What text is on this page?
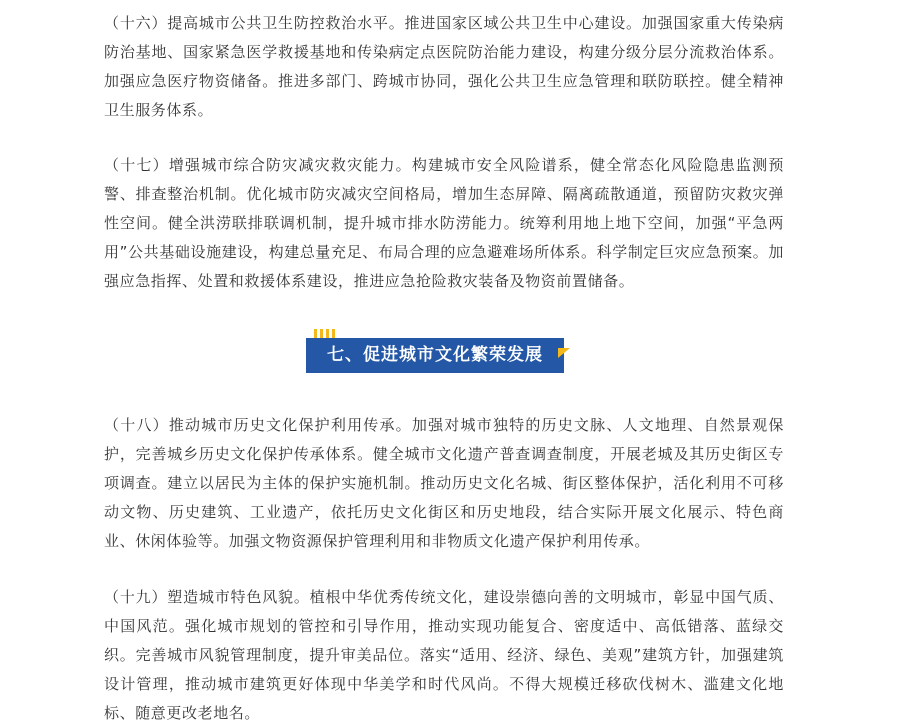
（十六）提高城市公共卫生防控救治水平。推进国家区域公共卫生中心建设。加强国家重大传染病防治基地、国家紧急医学救援基地和传染病定点医院防治能力建设，构建分级分层分流救治体系。加强应急医疗物资储备。推进多部门、跨城市协同，强化公共卫生应急管理和联防联控。健全精神卫生服务体系。

（十七）增强城市综合防灾减灾救灾能力。构建城市安全风险谱系，健全常态化风险隐患监测预警、排查整治机制。优化城市防灾减灾空间格局，增加生态屏障、隔离疏散通道，预留防灾救灾弹性空间。健全洪涝联排联调机制，提升城市排水防涝能力。统筹利用地上地下空间，加强“平急两用”公共基础设施建设，构建总量充足、布局合理的应急避难场所体系。科学制定巨灾应急预案。加强应急指挥、处置和救援体系建设，推进应急抢险救灾装备及物资前置储备。

七、促进城市文化繁荣发展

（十八）推动城市历史文化保护利用传承。加强对城市独特的历史文脉、人文地理、自然景观保护，完善城乡历史文化保护传承体系。健全城市文化遗产普查调查制度，开展老城及其历史街区专项调查。建立以居民为主体的保护实施机制。推动历史文化名城、街区整体保护，活化利用不可移动文物、历史建筑、工业遗产，依托历史文化街区和历史地段，结合实际开展文化展示、特色商业、休闲体验等。加强文物资源保护管理利用和非物质文化遗产保护利用传承。

（十九）塑造城市特色风貌。植根中华优秀传统文化，建设崇德向善的文明城市，彰显中国气质、中国风范。强化城市规划的管控和引导作用，推动实现功能复合、密度适中、高低错落、蓝绿交织。完善城市风貌管理制度，提升审美品位。落实“适用、经济、绿色、美观”建筑方针，加强建筑设计管理，推动城市建筑更好体现中华美学和时代风尚。不得大规模迁移砍伐树木、滥建文化地标、随意更改老地名。
